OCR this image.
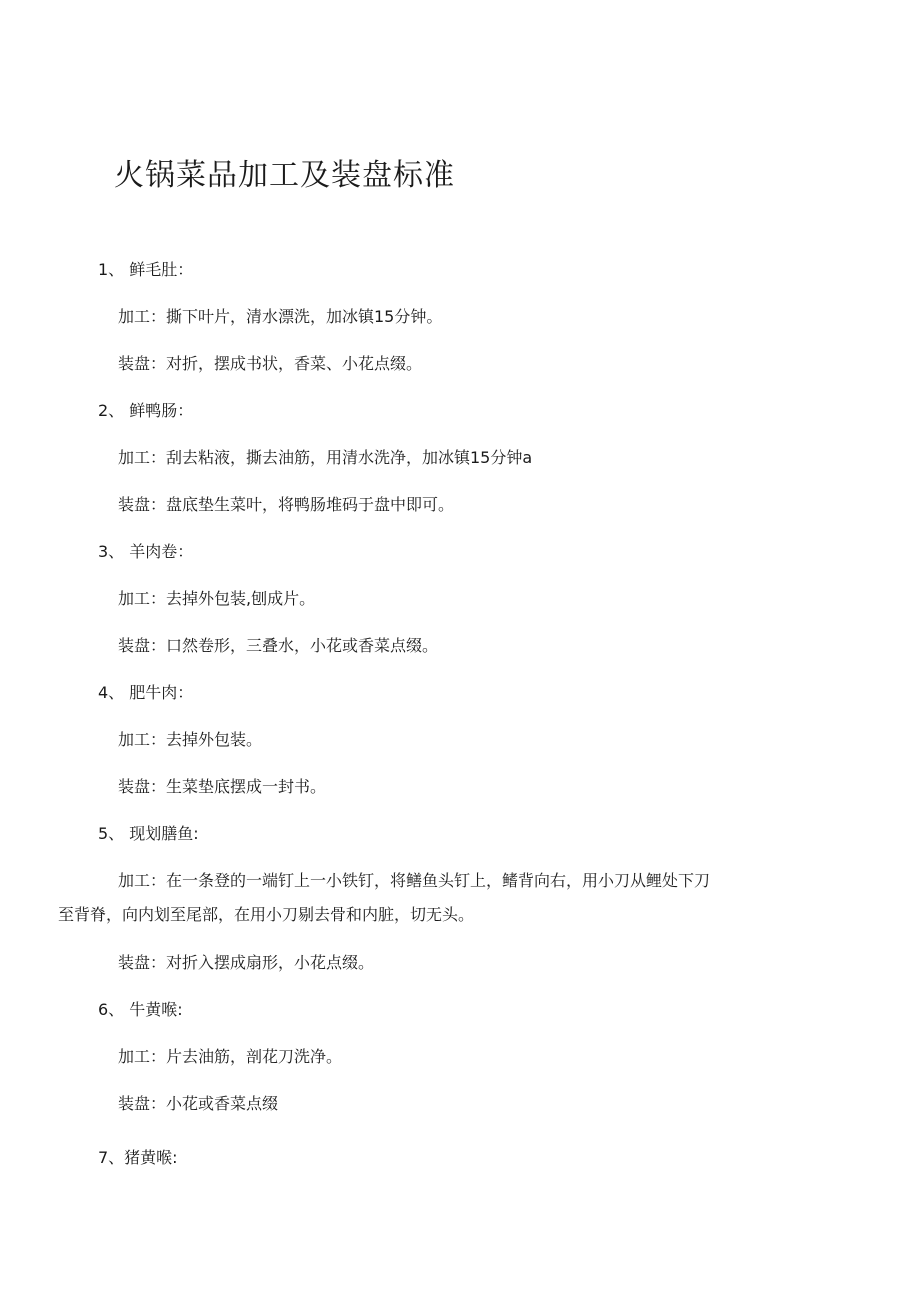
火锅菜品加工及装盘标准
1、 鲜毛肚：
加工：撕下叶片，清水漂洗，加冰镇15分钟。
装盘：对折，摆成书状，香菜、小花点缀。
2、 鲜鸭肠：
加工：刮去粘液，撕去油筋，用清水洗净，加冰镇15分钟a
装盘：盘底垫生菜叶，将鸭肠堆码于盘中即可。
3、 羊肉卷：
加工：去掉外包装,刨成片。
装盘：口然卷形，三叠水，小花或香菜点缀。
4、 肥牛肉：
加工：去掉外包装。
装盘：生菜垫底摆成一封书。
5、 现划膳鱼:
加工：在一条登的一端钉上一小铁钉，将鳝鱼头钉上，鳍背向右，用小刀从鲤处下刀
至背脊，向内划至尾部，在用小刀剔去骨和内脏，切无头。
装盘：对折入摆成扇形，小花点缀。
6、 牛黄喉:
加工：片去油筋，剖花刀洗净。
装盘：小花或香菜点缀
7、猪黄喉:
